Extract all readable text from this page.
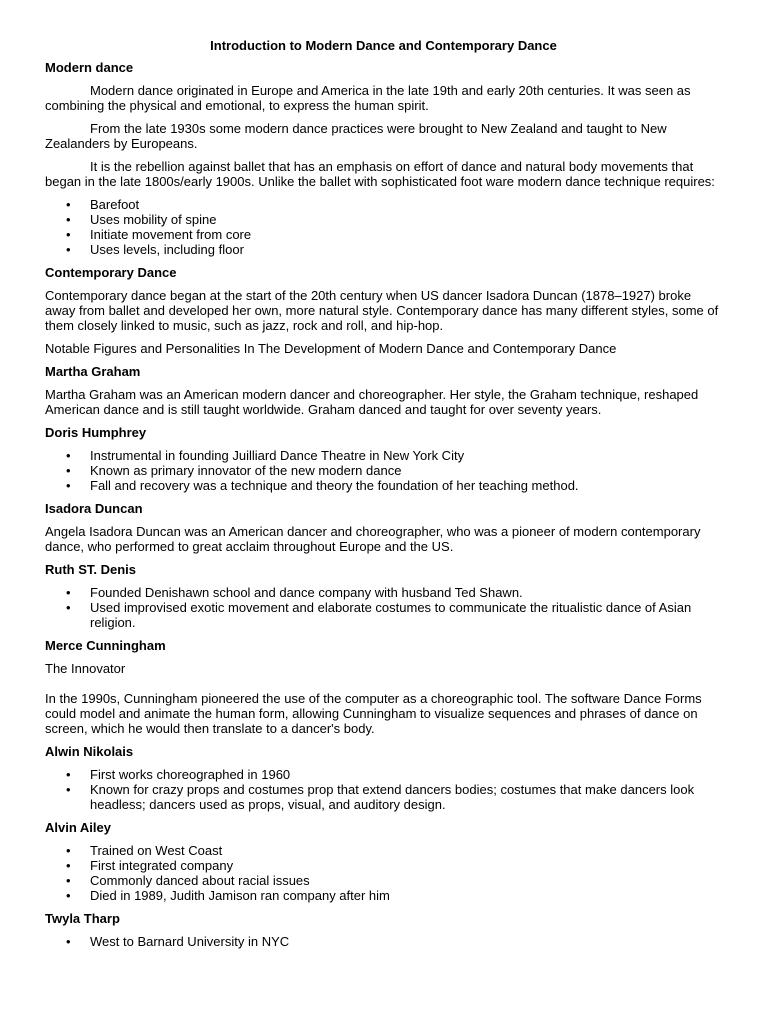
Introduction to Modern Dance and Contemporary Dance
Modern dance

Modern dance originated in Europe and America in the late 19th and early 20th centuries. It was seen as combining the physical and emotional, to express the human spirit.

From the late 1930s some modern dance practices were brought to New Zealand and taught to New Zealanders by Europeans.

It is the rebellion against ballet that has an emphasis on effort of dance and natural body movements that began in the late 1800s/early 1900s. Unlike the ballet with sophisticated foot ware modern dance technique requires:

• Barefoot
• Uses mobility of spine
• Initiate movement from core
• Uses levels, including floor
Contemporary Dance

Contemporary dance began at the start of the 20th century when US dancer Isadora Duncan (1878–1927) broke away from ballet and developed her own, more natural style. Contemporary dance has many different styles, some of them closely linked to music, such as jazz, rock and roll, and hip-hop.

Notable Figures and Personalities In The Development of Modern Dance and Contemporary Dance

Martha Graham

Martha Graham was an American modern dancer and choreographer. Her style, the Graham technique, reshaped American dance and is still taught worldwide. Graham danced and taught for over seventy years.

Doris Humphrey
• Instrumental in founding Juilliard Dance Theatre in New York City
• Known as primary innovator of the new modern dance
• Fall and recovery was a technique and theory the foundation of her teaching method.
Isadora Duncan

Angela Isadora Duncan was an American dancer and choreographer, who was a pioneer of modern contemporary dance, who performed to great acclaim throughout Europe and the US.

Ruth ST. Denis
• Founded Denishawn school and dance company with husband Ted Shawn.
• Used improvised exotic movement and elaborate costumes to communicate the ritualistic dance of Asian religion.
Merce Cunningham

The Innovator

In the 1990s, Cunningham pioneered the use of the computer as a choreographic tool. The software Dance Forms could model and animate the human form, allowing Cunningham to visualize sequences and phrases of dance on screen, which he would then translate to a dancer's body.

Alwin Nikolais
• First works choreographed in 1960
• Known for crazy props and costumes prop that extend dancers bodies; costumes that make dancers look headless; dancers used as props, visual, and auditory design.
Alvin Ailey
• Trained on West Coast
• First integrated company
• Commonly danced about racial issues
• Died in 1989, Judith Jamison ran company after him
Twyla Tharp
• West to Barnard University in NYC
